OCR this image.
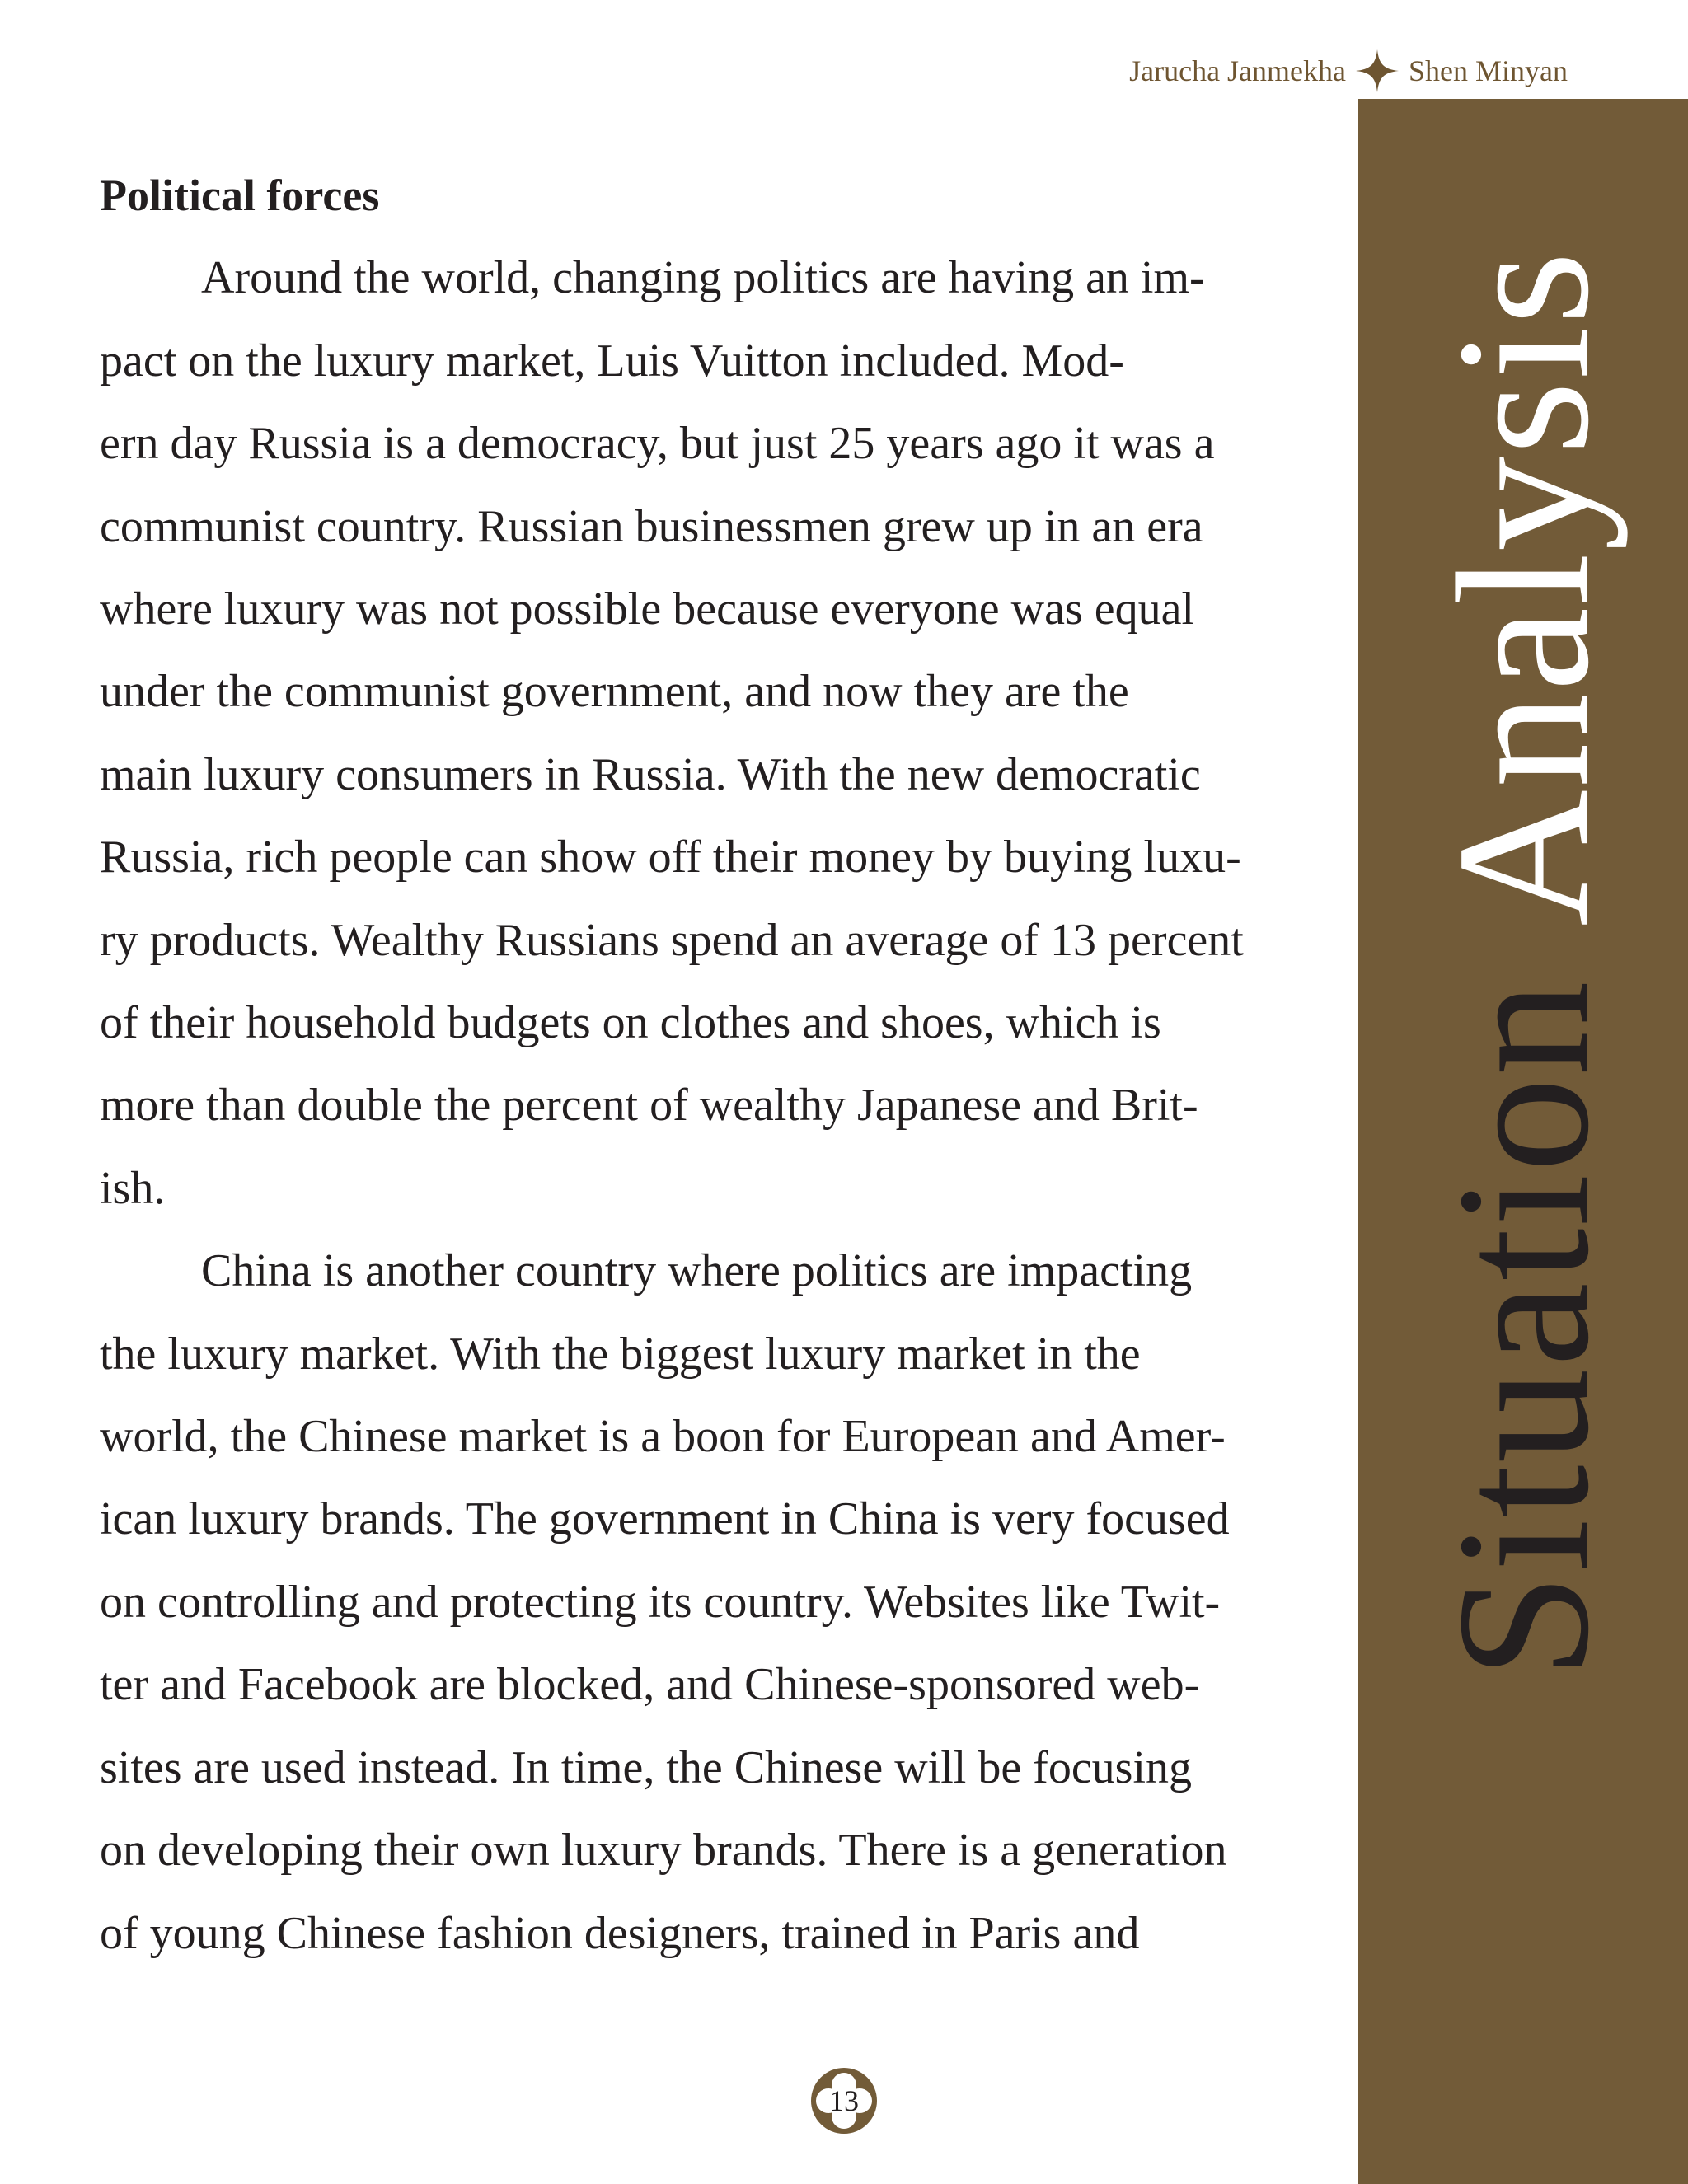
Jarucha Janmekha Shen Minyan
Situation
Analysis
Political forces

Around the world, changing politics are having an im-
pact on the luxury market, Luis Vuitton included. Mod-
ern day Russia is a democracy, but just 25 years ago it was a
communist country. Russian businessmen grew up in an era
where luxury was not possible because everyone was equal
under the communist government, and now they are the
main luxury consumers in Russia. With the new democratic
Russia, rich people can show off their money by buying luxu-
ry products. Wealthy Russians spend an average of 13 percent
of their household budgets on clothes and shoes, which is
more than double the percent of wealthy Japanese and Brit-
ish.

China is another country where politics are impacting
the luxury market. With the biggest luxury market in the
world, the Chinese market is a boon for European and Amer-
ican luxury brands. The government in China is very focused
on controlling and protecting its country. Websites like Twit-
ter and Facebook are blocked, and Chinese-sponsored web-
sites are used instead. In time, the Chinese will be focusing
on developing their own luxury brands. There is a generation
of young Chinese fashion designers, trained in Paris and

13
